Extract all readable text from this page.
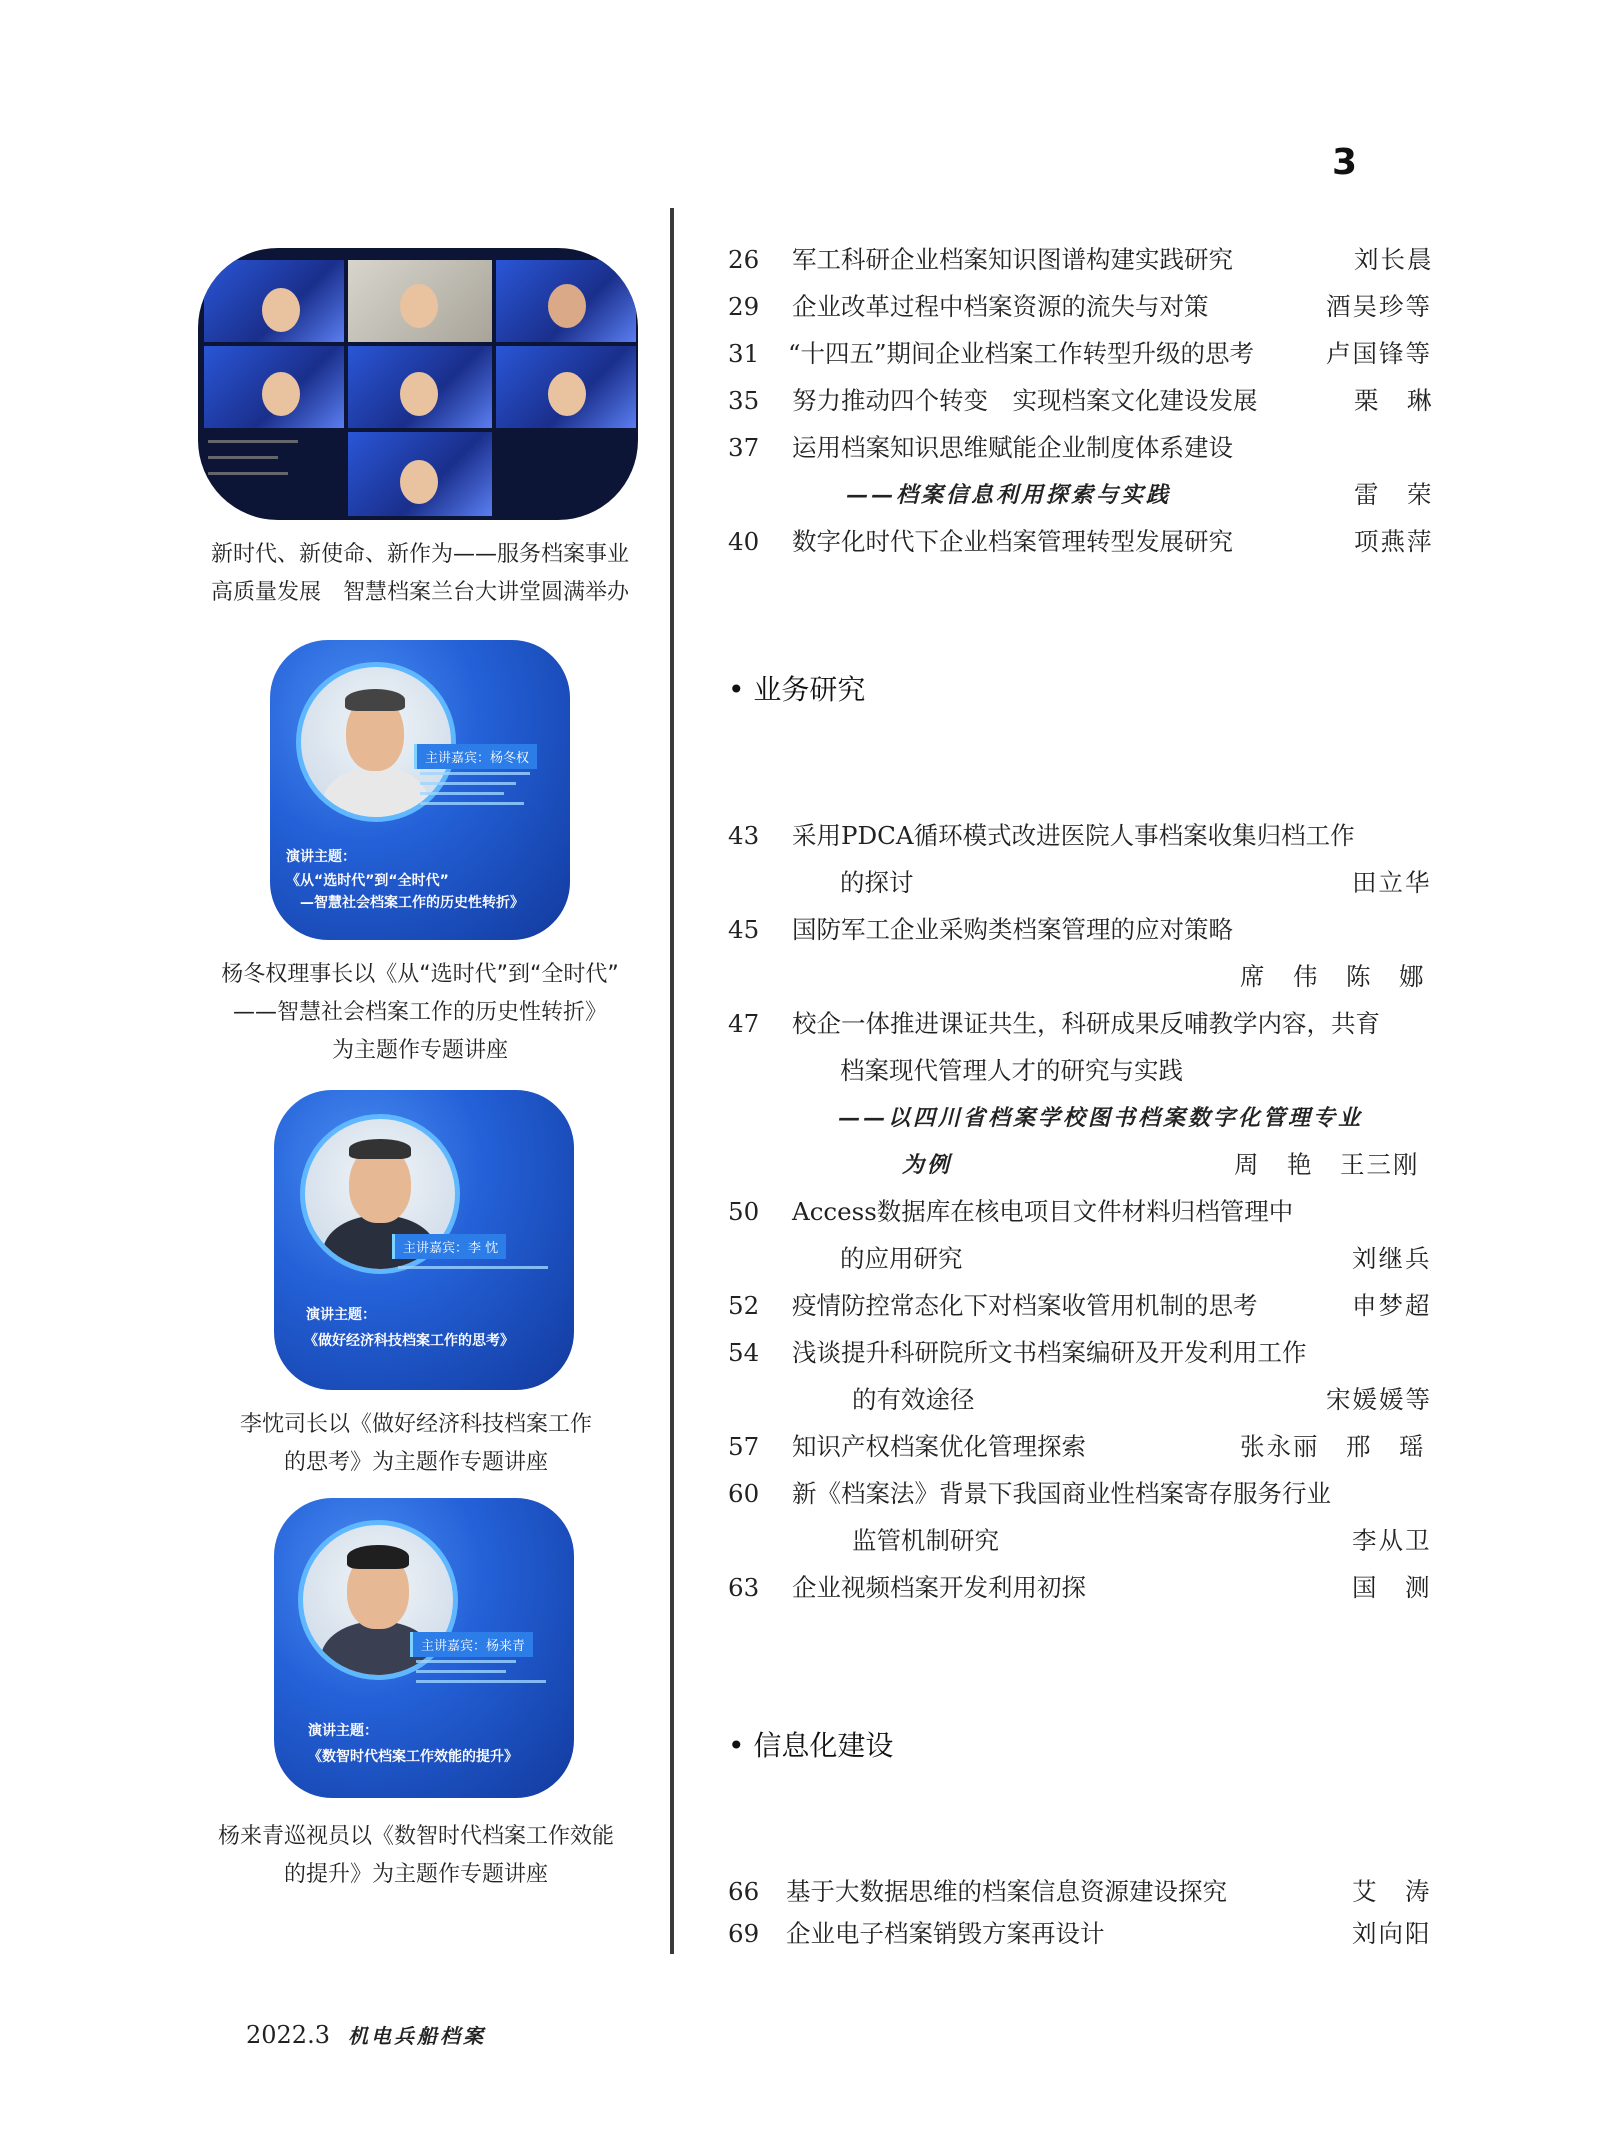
3
新时代、新使命、新作为——服务档案事业
高质量发展　智慧档案兰台大讲堂圆满举办
主讲嘉宾：杨冬权
演讲主题：
《从“选时代”到“全时代”
—智慧社会档案工作的历史性转折》
杨冬权理事长以《从“选时代”到“全时代”
——智慧社会档案工作的历史性转折》
为主题作专题讲座
主讲嘉宾：李 忱
演讲主题：
《做好经济科技档案工作的思考》
李忱司长以《做好经济科技档案工作
的思考》为主题作专题讲座
主讲嘉宾：杨来青
演讲主题：
《数智时代档案工作效能的提升》
杨来青巡视员以《数智时代档案工作效能
的提升》为主题作专题讲座
26 军工科研企业档案知识图谱构建实践研究	刘长晨
29 企业改革过程中档案资源的流失与对策	酒吴珍等
31 “十四五”期间企业档案工作转型升级的思考	卢国锋等
35 努力推动四个转变　实现档案文化建设发展	栗　琳
37 运用档案知识思维赋能企业制度体系建设
——档案信息利用探索与实践	雷　荣
40 数字化时代下企业档案管理转型发展研究	项燕萍
• 业务研究
43 采用PDCA循环模式改进医院人事档案收集归档工作
的探讨	田立华
45 国防军工企业采购类档案管理的应对策略
席　伟　陈　娜
47 校企一体推进课证共生，科研成果反哺教学内容，共育
档案现代管理人才的研究与实践
——以四川省档案学校图书档案数字化管理专业
为例	周　艳　王三刚
50 Access数据库在核电项目文件材料归档管理中
的应用研究	刘继兵
52 疫情防控常态化下对档案收管用机制的思考	申梦超
54 浅谈提升科研院所文书档案编研及开发利用工作
的有效途径	宋媛媛等
57 知识产权档案优化管理探索	张永丽　邢　瑶
60 新《档案法》背景下我国商业性档案寄存服务行业
监管机制研究	李从卫
63 企业视频档案开发利用初探	国　测
• 信息化建设
66 基于大数据思维的档案信息资源建设探究	艾　涛
69 企业电子档案销毁方案再设计	刘向阳
2022.3 机电兵船档案
